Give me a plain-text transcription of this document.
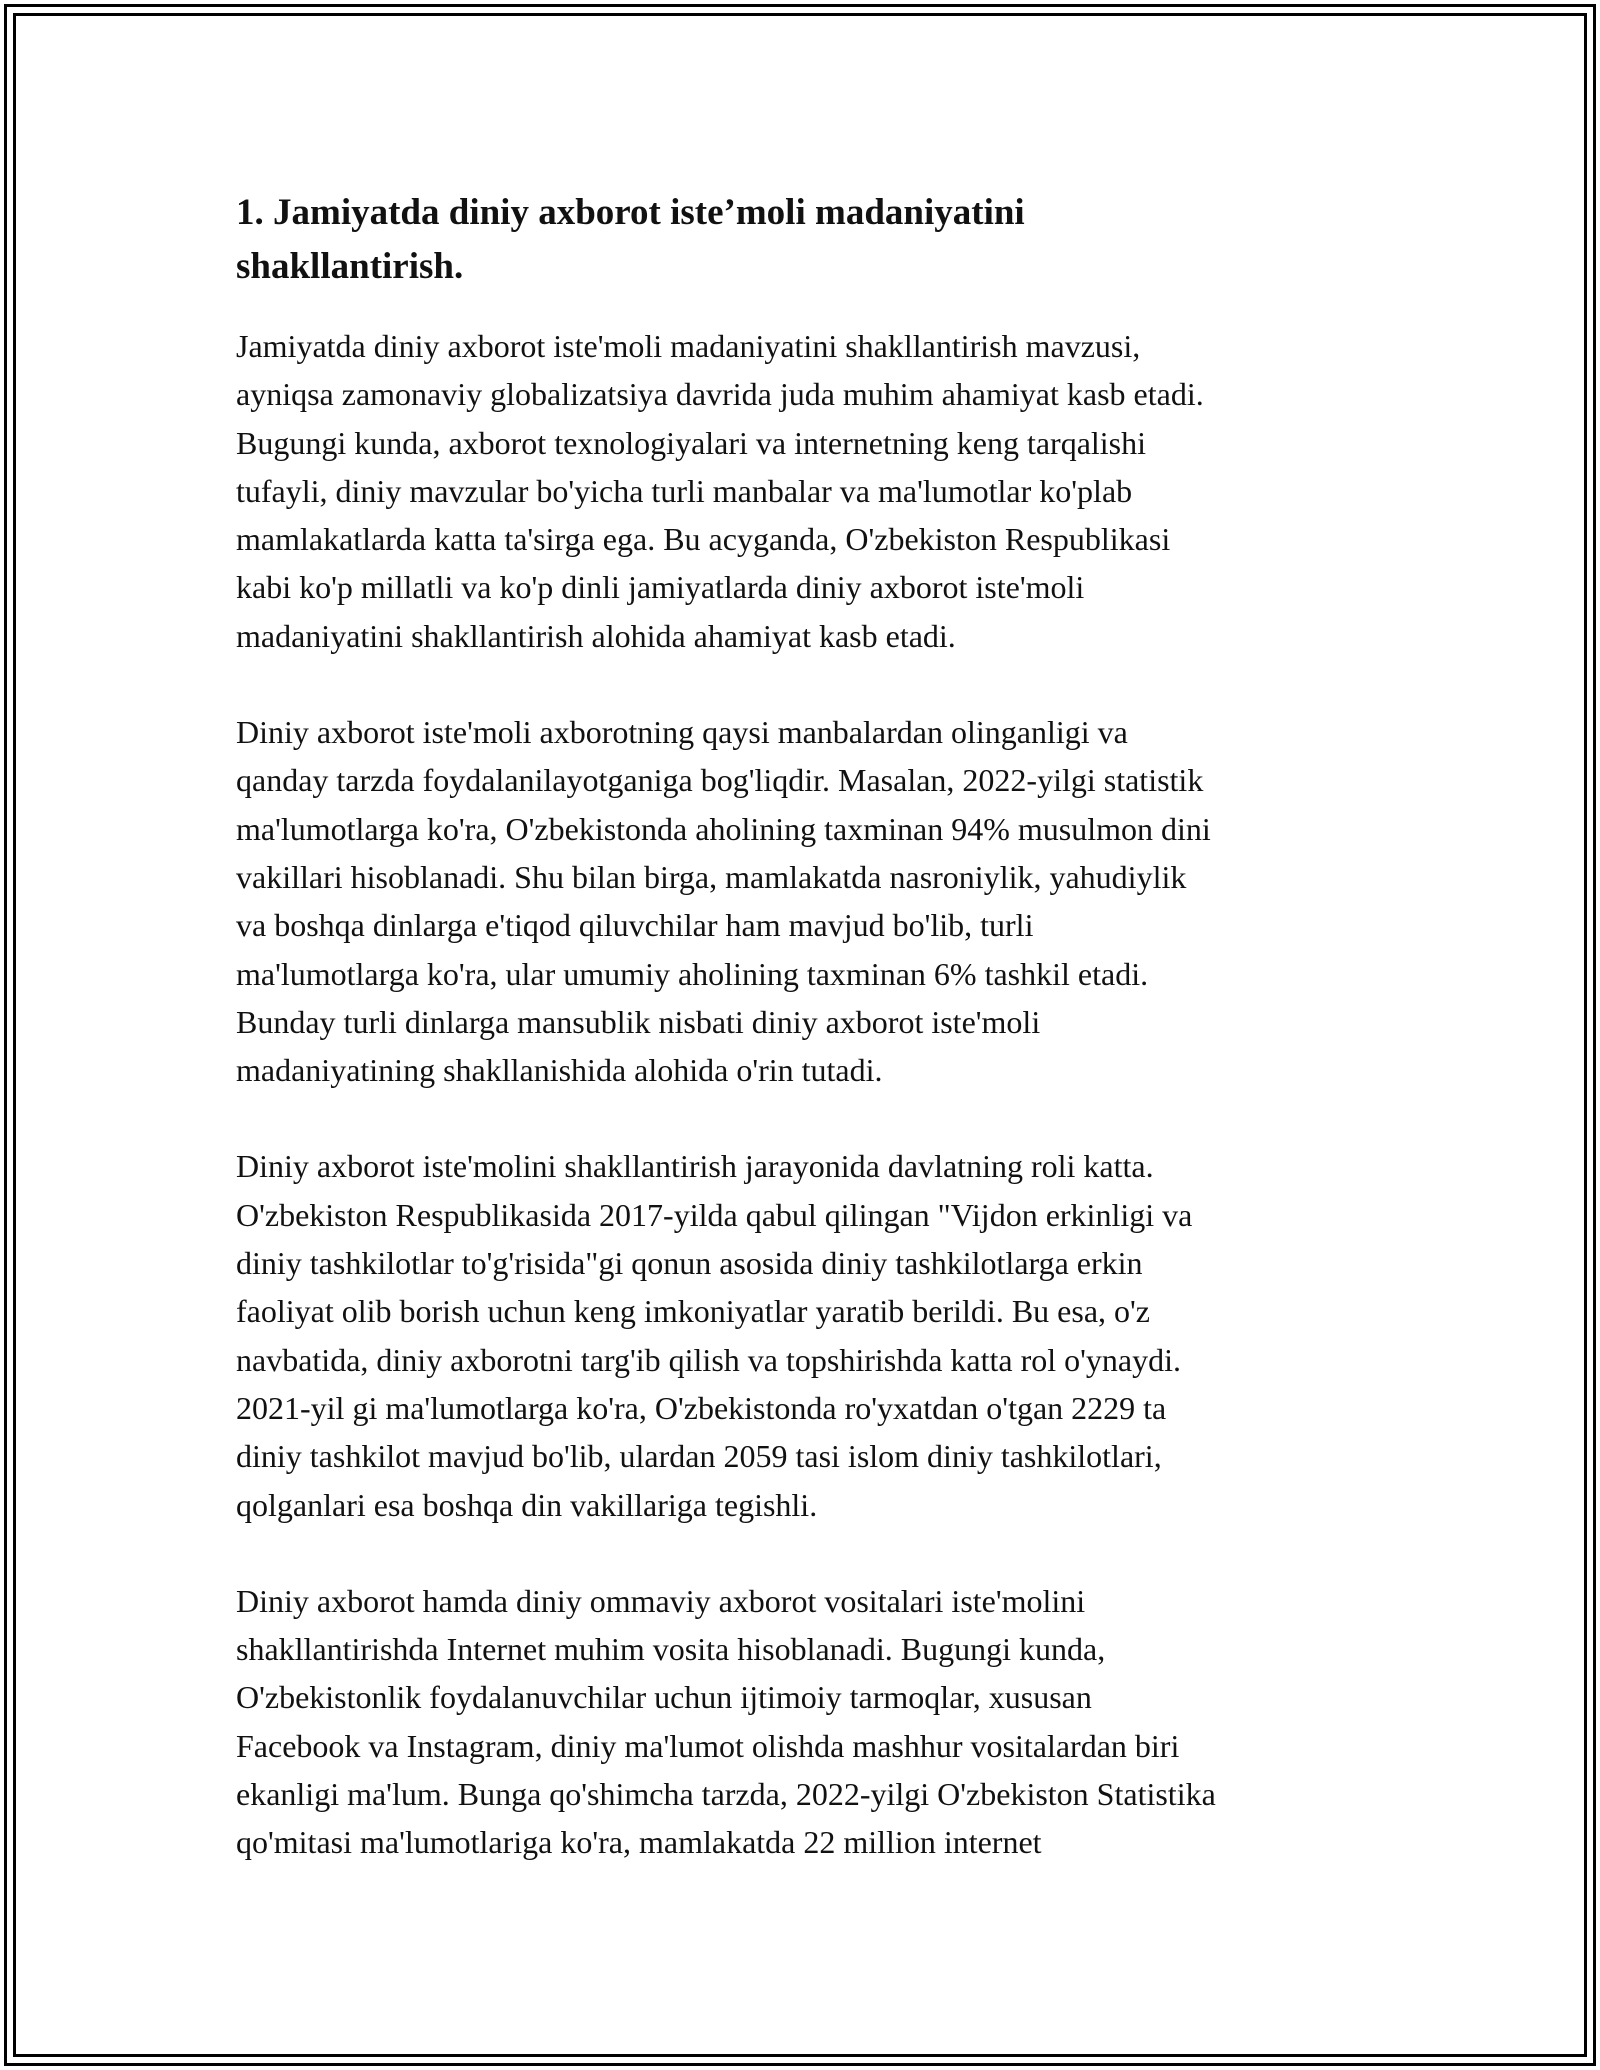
1. Jamiyatda diniy axborot iste’moli madaniyatini
shakllantirish.

Jamiyatda diniy axborot iste'moli madaniyatini shakllantirish mavzusi,
ayniqsa zamonaviy globalizatsiya davrida juda muhim ahamiyat kasb etadi.
Bugungi kunda, axborot texnologiyalari va internetning keng tarqalishi
tufayli, diniy mavzular bo'yicha turli manbalar va ma'lumotlar ko'plab
mamlakatlarda katta ta'sirga ega. Bu acyganda, O'zbekiston Respublikasi
kabi ko'p millatli va ko'p dinli jamiyatlarda diniy axborot iste'moli
madaniyatini shakllantirish alohida ahamiyat kasb etadi.

Diniy axborot iste'moli axborotning qaysi manbalardan olinganligi va
qanday tarzda foydalanilayotganiga bog'liqdir. Masalan, 2022-yilgi statistik
ma'lumotlarga ko'ra, O'zbekistonda aholining taxminan 94% musulmon dini
vakillari hisoblanadi. Shu bilan birga, mamlakatda nasroniylik, yahudiylik
va boshqa dinlarga e'tiqod qiluvchilar ham mavjud bo'lib, turli
ma'lumotlarga ko'ra, ular umumiy aholining taxminan 6% tashkil etadi.
Bunday turli dinlarga mansublik nisbati diniy axborot iste'moli
madaniyatining shakllanishida alohida o'rin tutadi.

Diniy axborot iste'molini shakllantirish jarayonida davlatning roli katta.
O'zbekiston Respublikasida 2017-yilda qabul qilingan "Vijdon erkinligi va
diniy tashkilotlar to'g'risida"gi qonun asosida diniy tashkilotlarga erkin
faoliyat olib borish uchun keng imkoniyatlar yaratib berildi. Bu esa, o'z
navbatida, diniy axborotni targ'ib qilish va topshirishda katta rol o'ynaydi.
2021-yil gi ma'lumotlarga ko'ra, O'zbekistonda ro'yxatdan o'tgan 2229 ta
diniy tashkilot mavjud bo'lib, ulardan 2059 tasi islom diniy tashkilotlari,
qolganlari esa boshqa din vakillariga tegishli.

Diniy axborot hamda diniy ommaviy axborot vositalari iste'molini
shakllantirishda Internet muhim vosita hisoblanadi. Bugungi kunda,
O'zbekistonlik foydalanuvchilar uchun ijtimoiy tarmoqlar, xususan
Facebook va Instagram, diniy ma'lumot olishda mashhur vositalardan biri
ekanligi ma'lum. Bunga qo'shimcha tarzda, 2022-yilgi O'zbekiston Statistika
qo'mitasi ma'lumotlariga ko'ra, mamlakatda 22 million internet
